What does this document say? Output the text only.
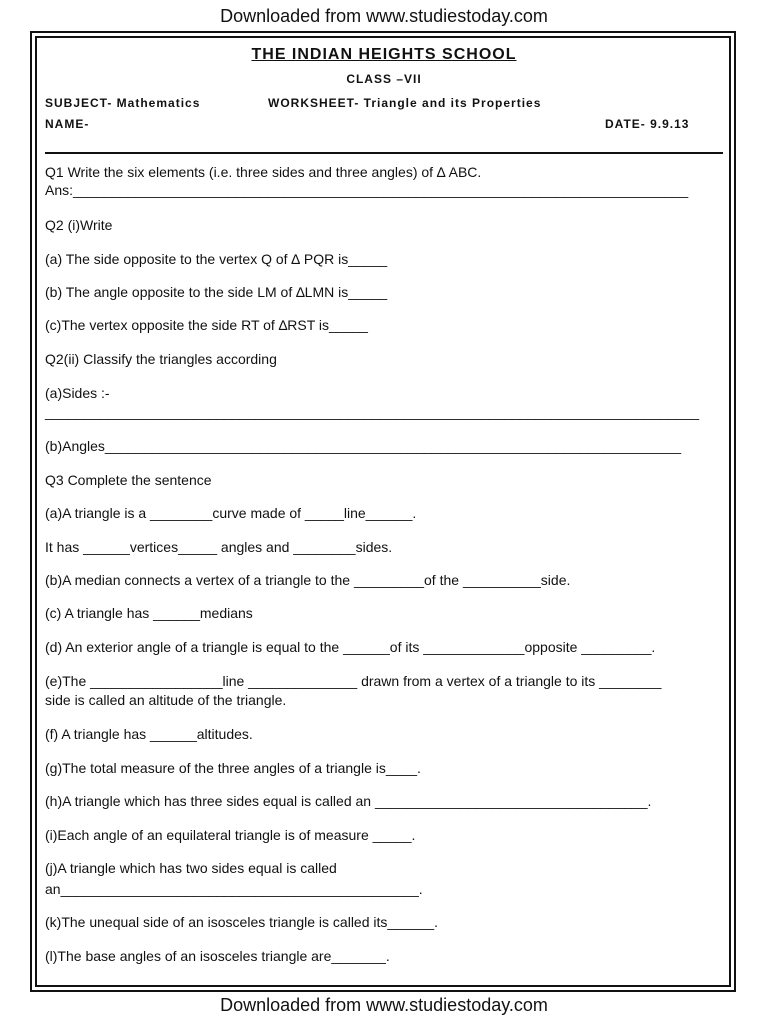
Downloaded from www.studiestoday.com
THE INDIAN HEIGHTS SCHOOL
CLASS –VII
SUBJECT- Mathematics	WORKSHEET- Triangle and its Properties
NAME-	DATE- 9.9.13
Q1 Write the six elements (i.e. three sides and three angles) of ∆ ABC.
Ans:_______________________________________________________________________________
Q2 (i)Write
(a) The side opposite to the vertex Q of ∆ PQR is_____
(b) The angle opposite to the side LM of ∆LMN is_____
(c)The vertex opposite the side RT of ∆RST is_____
Q2(ii) Classify the triangles according
(a)Sides :-
____________________________________________________________________________________
(b)Angles__________________________________________________________________________
Q3 Complete the sentence
(a)A triangle is a ________curve made of _____line______.
It has ______vertices_____ angles and ________sides.
(b)A median connects a vertex of a triangle to the _________of the __________side.
(c) A triangle has ______medians
(d) An exterior angle of a triangle is equal to the ______of its _____________opposite _________.
(e)The _________________line ______________ drawn from a vertex of a triangle to its ________
side is called an altitude of the triangle.
(f) A triangle has ______altitudes.
(g)The total measure of the three angles of a triangle is____.
(h)A triangle which has three sides equal is called an ___________________________________.
(i)Each angle of an equilateral triangle is of measure _____.
(j)A triangle which has two sides equal is called
an______________________________________________.
(k)The unequal side of an isosceles triangle is called its______.
(l)The base angles of an isosceles triangle are_______.
Downloaded from www.studiestoday.com
